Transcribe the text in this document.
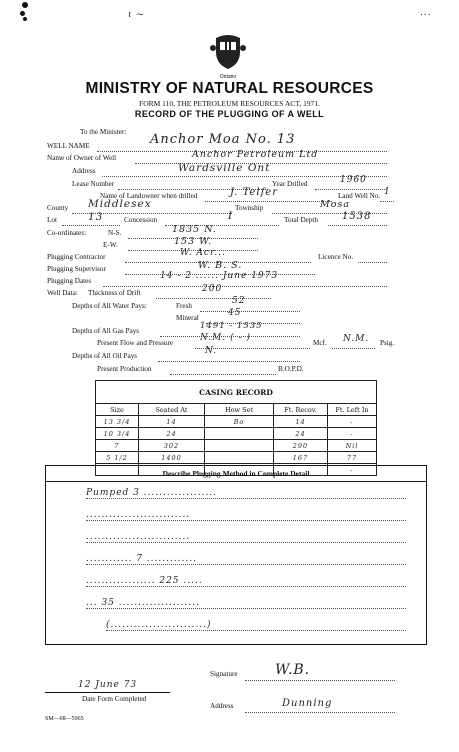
ι ~	...
Ontario
MINISTRY OF NATURAL RESOURCES
FORM 110, THE PETROLEUM RESOURCES ACT, 1971.
RECORD OF THE PLUGGING OF A WELL
To the Minister:
WELL NAME	Anchor Moa No. 13
Name of Owner of Well	Anchor Petroleum Ltd
Address	Wardsville Ont
Lease Number	Year Drilled	1960
Name of Landowner when drilled	J. Telfer	Land Well No. 1
County Middlesex	Township	Mosa
Lot	13	Concession	I	Total Depth 1538
Co-ordinates:	N-S.	1835 N.
E-W.	153 W.
Plugging Contractor	W. Acr...	Licence No.
Plugging Supervisor	W. B. S.
Plugging Dates	14 - 2 ...... June 1973
Well Data: Thickness of Drift	200
Depths of All Water Pays:	Fresh	52
Mineral	45
Depths of All Gas Pays	1491 - 1535
Present Flow and Pressure	N.M. ( - )	Mcf. N.M. Psig.
Depths of All Oil Pays	N.
Present Production	B.O.P.D.
CASING RECORD				
Size	Seated At	How Set	Ft. Recov.	Ft. Left In
13 3/4	14	Bo	14	-
10 3/4	24		24	-
7	302		290	Nil
5 1/2	1400		167	77
				-
Describe Plugging Method in Complete Detail
Pumped 3 ...................
...........................
...........................
............ 7 .............
.................. 225 .....
... 35 .....................
(.........................)
Signature	W.B.
12 June 73
Date Form Completed
Address	Dunning
SM—68—5965
